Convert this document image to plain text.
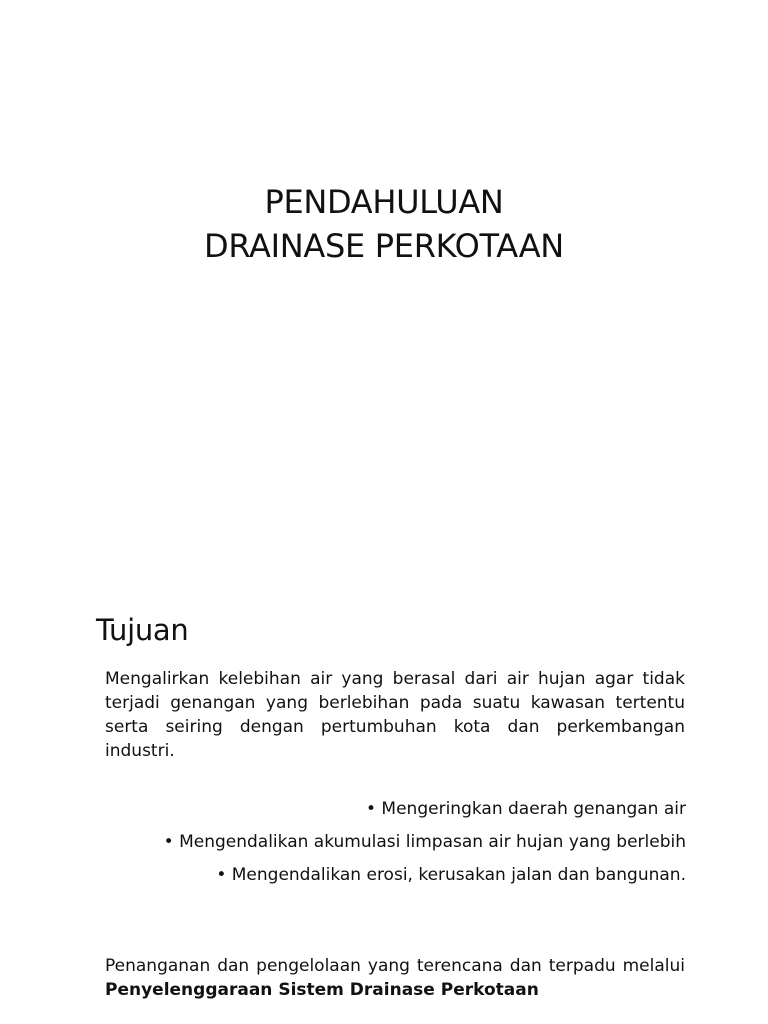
PENDAHULUAN
DRAINASE PERKOTAAN
Tujuan

Mengalirkan kelebihan air yang berasal dari air hujan agar tidak terjadi genangan yang berlebihan pada suatu kawasan tertentu serta seiring dengan pertumbuhan kota dan perkembangan industri.

• Mengeringkan daerah genangan air
• Mengendalikan akumulasi limpasan air hujan yang berlebih
• Mengendalikan erosi, kerusakan jalan dan bangunan.

Penanganan dan pengelolaan yang terencana dan terpadu melalui Penyelenggaraan Sistem Drainase Perkotaan
